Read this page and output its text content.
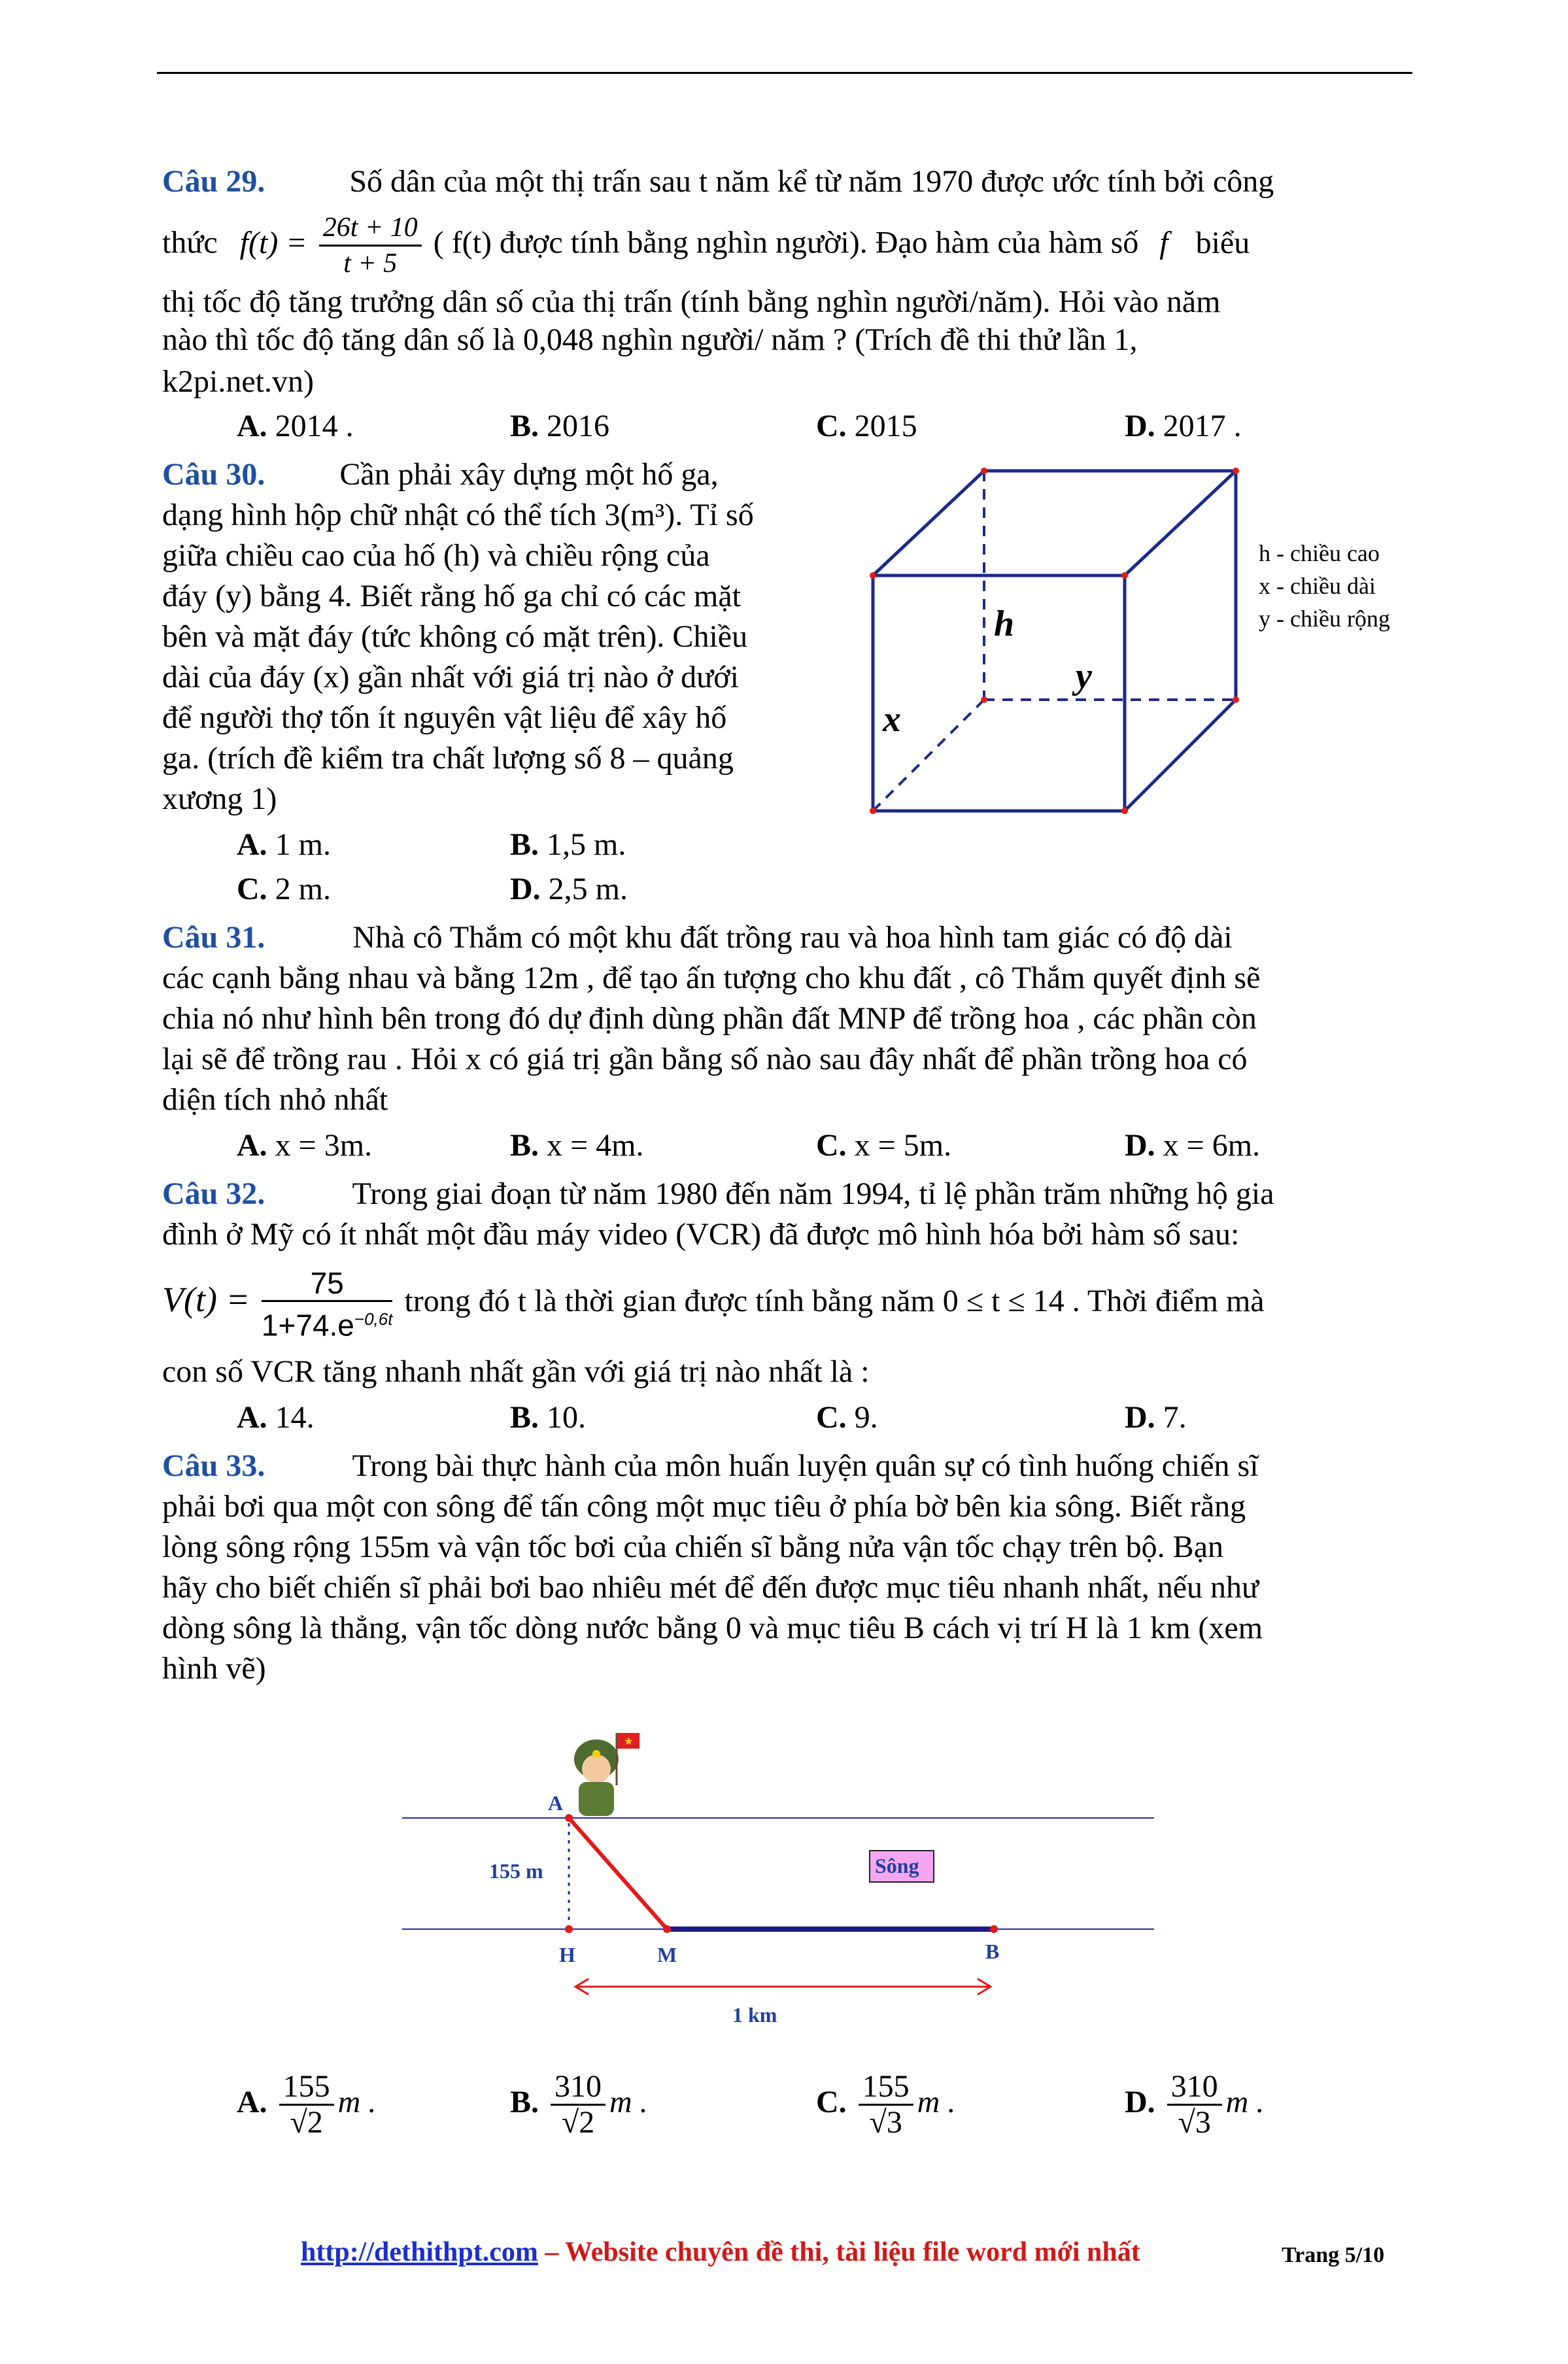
Câu 29.	Số dân của một thị trấn sau t năm kể từ năm 1970 được ước tính bởi công
thức $f(t) = \frac{26t + 10}{t + 5}$ ( f(t) được tính bằng nghìn người). Đạo hàm của hàm số f biểu
thị tốc độ tăng trưởng dân số của thị trấn (tính bằng nghìn người/năm). Hỏi vào năm
nào thì tốc độ tăng dân số là 0,048 nghìn người/ năm ? (Trích đề thi thử lần 1,
k2pi.net.vn)
A. 2014 .	B. 2016	C. 2015	D. 2017 .
Câu 30. Cần phải xây dựng một hố ga,
dạng hình hộp chữ nhật có thể tích 3(m³). Tỉ số
giữa chiều cao của hố (h) và chiều rộng của
đáy (y) bằng 4. Biết rằng hố ga chỉ có các mặt
bên và mặt đáy (tức không có mặt trên). Chiều
dài của đáy (x) gần nhất với giá trị nào ở dưới
để người thợ tốn ít nguyên vật liệu để xây hố
ga. (trích đề kiểm tra chất lượng số 8 – quảng
xương 1)
A. 1 m.	B. 1,5 m.
C. 2 m.	D. 2,5 m.
h
x
y
h - chiều cao
x - chiều dài
y - chiều rộng
Câu 31.	Nhà cô Thắm có một khu đất trồng rau và hoa hình tam giác có độ dài
các cạnh bằng nhau và bằng 12m , để tạo ấn tượng cho khu đất , cô Thắm quyết định sẽ
chia nó như hình bên trong đó dự định dùng phần đất MNP để trồng hoa , các phần còn
lại sẽ để trồng rau . Hỏi x có giá trị gần bằng số nào sau đây nhất để phần trồng hoa có
diện tích nhỏ nhất
A. x = 3m.	B. x = 4m.	C. x = 5m.	D. x = 6m.
Câu 32.	Trong giai đoạn từ năm 1980 đến năm 1994, tỉ lệ phần trăm những hộ gia
đình ở Mỹ có ít nhất một đầu máy video (VCR) đã được mô hình hóa bởi hàm số sau:
$V(t) = \frac{75}{1+74.e^{-0,6t}}$ trong đó t là thời gian được tính bằng năm 0 ≤ t ≤ 14 . Thời điểm mà
con số VCR tăng nhanh nhất gần với giá trị nào nhất là :
A. 14.	B. 10.	C. 9.	D. 7.
Câu 33.	Trong bài thực hành của môn huấn luyện quân sự có tình huống chiến sĩ
phải bơi qua một con sông để tấn công một mục tiêu ở phía bờ bên kia sông. Biết rằng
lòng sông rộng 155m và vận tốc bơi của chiến sĩ bằng nửa vận tốc chạy trên bộ. Bạn
hãy cho biết chiến sĩ phải bơi bao nhiêu mét để đến được mục tiêu nhanh nhất, nếu như
dòng sông là thẳng, vận tốc dòng nước bằng 0 và mục tiêu B cách vị trí H là 1 km (xem
hình vẽ)
★
A
H	M	B
155 m	Sông
1 km
A. $\frac{155}{√2}$ m .	B. $\frac{310}{√2}$ m .	C. $\frac{155}{√3}$ m .	D. $\frac{310}{√3}$ m .
http://dethithpt.com – Website chuyên đề thi, tài liệu file word mới nhất	Trang 5/10
